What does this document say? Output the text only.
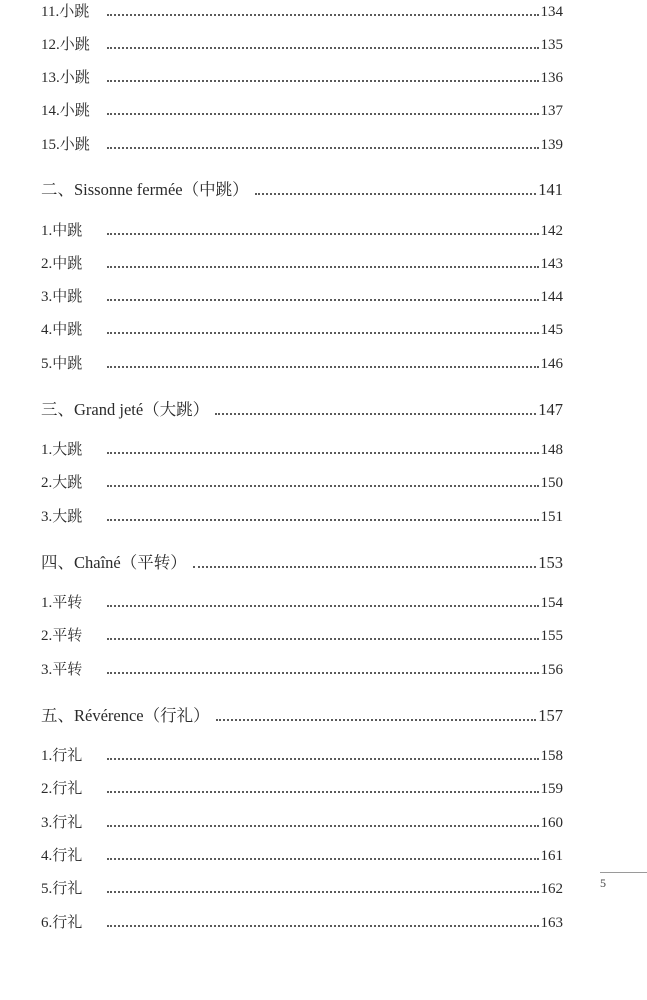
11.小跳	134
12.小跳	135
13.小跳	136
14.小跳	137
15.小跳	139
二、Sissonne fermée（中跳）	141
1.中跳	142
2.中跳	143
3.中跳	144
4.中跳	145
5.中跳	146
三、Grand jeté（大跳）	147
1.大跳	148
2.大跳	150
3.大跳	151
四、Chaîné（平转）	153
1.平转	154
2.平转	155
3.平转	156
五、Révérence（行礼）	157
1.行礼	158
2.行礼	159
3.行礼	160
4.行礼	161
5.行礼	162
6.行礼	163
5
